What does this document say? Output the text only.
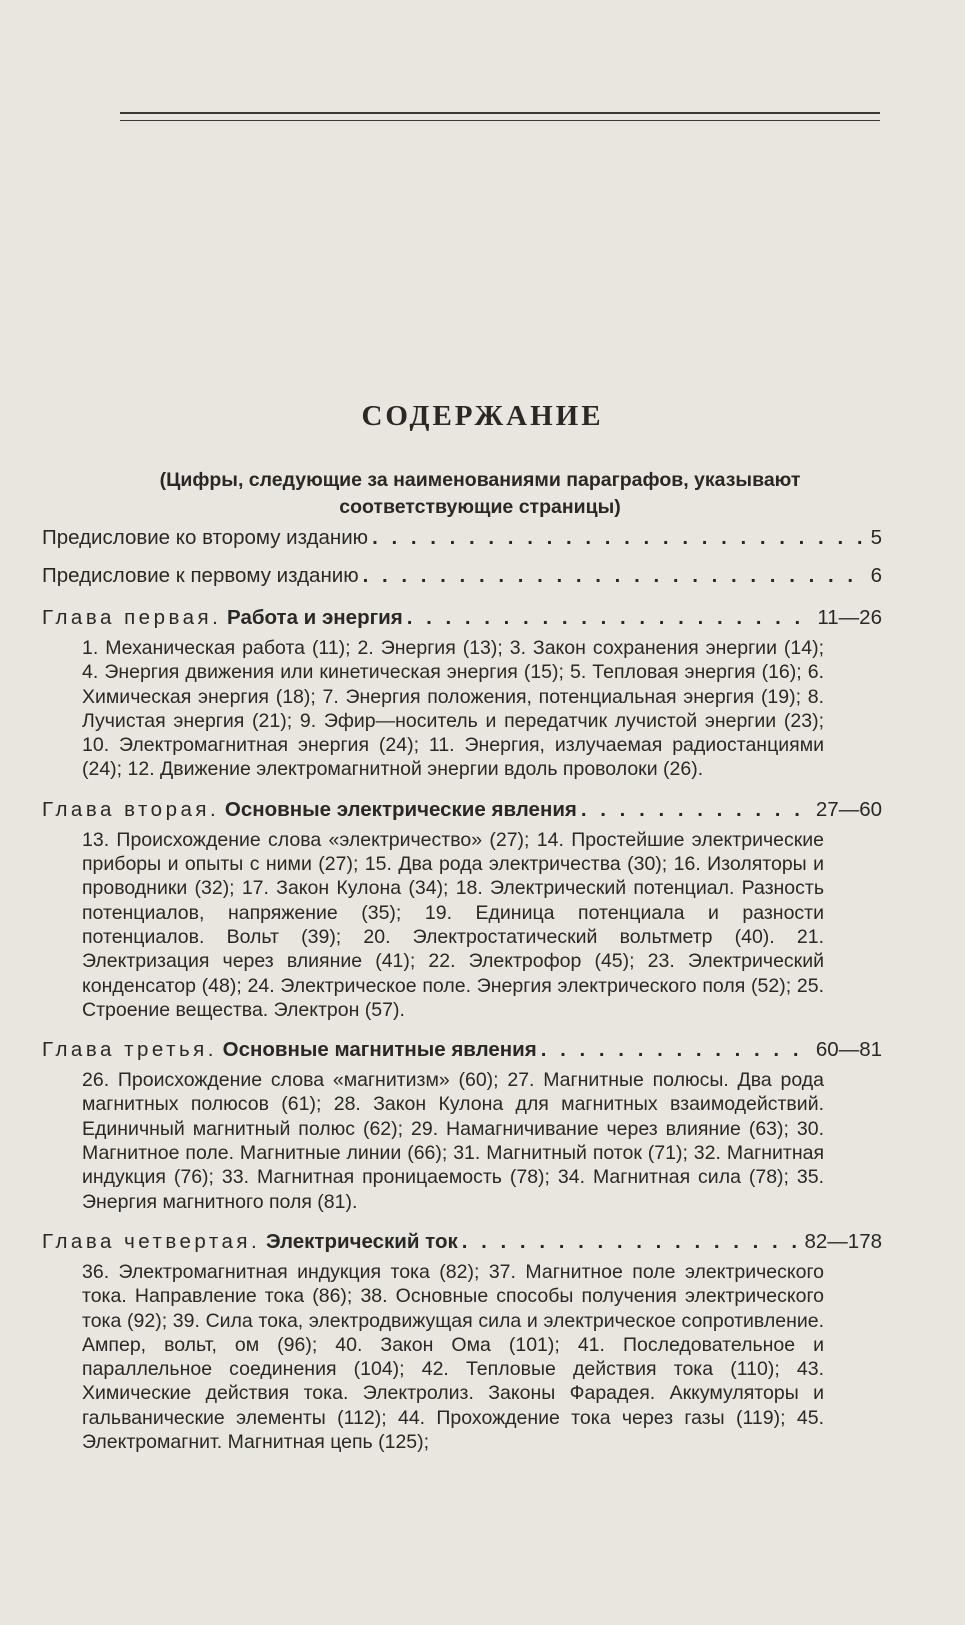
СОДЕРЖАНИЕ
(Цифры, следующие за наименованиями параграфов, указывают соответствующие страницы)
Предисловие ко второму изданию . . .	5
Предисловие к первому изданию . . .	6
Глава первая. Работа и энергия . . .	11—26
1. Механическая работа (11); 2. Энергия (13); 3. Закон сохранения энергии (14); 4. Энергия движения или кинетическая энергия (15); 5. Тепловая энергия (16); 6. Химическая энергия (18); 7. Энергия положения, потенциальная энергия (19); 8. Лучистая энергия (21); 9. Эфир—носитель и передатчик лучистой энергии (23); 10. Электромагнитная энергия (24); 11. Энергия, излучаемая радиостанциями (24); 12. Движение электромагнитной энергии вдоль проволоки (26).
Глава вторая. Основные электрические явления . . .	27—60
13. Происхождение слова «электричество» (27); 14. Простейшие электрические приборы и опыты с ними (27); 15. Два рода электричества (30); 16. Изоляторы и проводники (32); 17. Закон Кулона (34); 18. Электрический потенциал. Разность потенциалов, напряжение (35); 19. Единица потенциала и разности потенциалов. Вольт (39); 20. Электростатический вольтметр (40). 21. Электризация через влияние (41); 22. Электрофор (45); 23. Электрический конденсатор (48); 24. Электрическое поле. Энергия электрического поля (52); 25. Строение вещества. Электрон (57).
Глава третья. Основные магнитные явления . . .	60—81
26. Происхождение слова «магнитизм» (60); 27. Магнитные полюсы. Два рода магнитных полюсов (61); 28. Закон Кулона для магнитных взаимодействий. Единичный магнитный полюс (62); 29. Намагничивание через влияние (63); 30. Магнитное поле. Магнитные линии (66); 31. Магнитный поток (71); 32. Магнитная индукция (76); 33. Магнитная проницаемость (78); 34. Магнитная сила (78); 35. Энергия магнитного поля (81).
Глава четвертая. Электрический ток . . .	82—178
36. Электромагнитная индукция тока (82); 37. Магнитное поле электрического тока. Направление тока (86); 38. Основные способы получения электрического тока (92); 39. Сила тока, электродвижущая сила и электрическое сопротивление. Ампер, вольт, ом (96); 40. Закон Ома (101); 41. Последовательное и параллельное соединения (104); 42. Тепловые действия тока (110); 43. Химические действия тока. Электролиз. Законы Фарадея. Аккумуляторы и гальванические элементы (112); 44. Прохождение тока через газы (119); 45. Электромагнит. Магнитная цепь (125);
